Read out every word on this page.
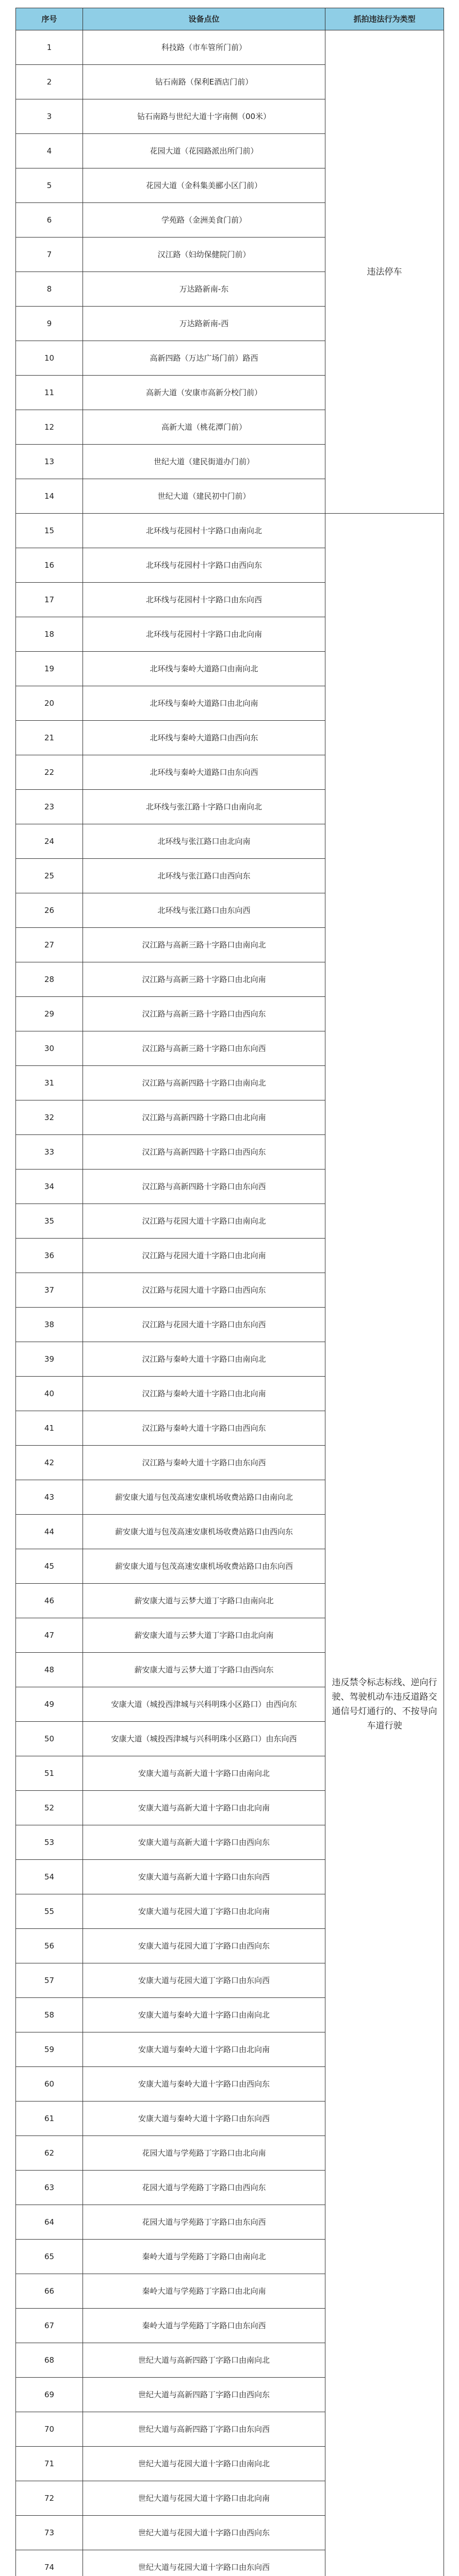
序号	设备点位	抓拍违法行为类型
1	科技路（市车管所门前）	违法停车
2	钻石南路（保利E酒店门前）	
3	钻石南路与世纪大道十字南侧（00米）	
4	花园大道（花园路派出所门前）	
5	花园大道（金科集美郦小区门前）	
6	学苑路（金洲美食门前）	
7	汉江路（妇幼保健院门前）	
8	万达路新南-东	
9	万达路新南-西	
10	高新四路（万达广场门前）路西	
11	高新大道（安康市高新分校门前）	
12	高新大道（桃花潭门前）	
13	世纪大道（建民街道办门前）	
14	世纪大道（建民初中门前）	
15	北环线与花园村十字路口由南向北	违反禁令标志标线、逆向行驶、驾驶机动车违反道路交通信号灯通行的、不按导向车道行驶
16	北环线与花园村十字路口由西向东	
17	北环线与花园村十字路口由东向西	
18	北环线与花园村十字路口由北向南	
19	北环线与秦岭大道路口由南向北	
20	北环线与秦岭大道路口由北向南	
21	北环线与秦岭大道路口由西向东	
22	北环线与秦岭大道路口由东向西	
23	北环线与张江路十字路口由南向北	
24	北环线与张江路口由北向南	
25	北环线与张江路口由西向东	
26	北环线与张江路口由东向西	
27	汉江路与高新三路十字路口由南向北	
28	汉江路与高新三路十字路口由北向南	
29	汉江路与高新三路十字路口由西向东	
30	汉江路与高新三路十字路口由东向西	
31	汉江路与高新四路十字路口由南向北	
32	汉江路与高新四路十字路口由北向南	
33	汉江路与高新四路十字路口由西向东	
34	汉江路与高新四路十字路口由东向西	
35	汉江路与花园大道十字路口由南向北	
36	汉江路与花园大道十字路口由北向南	
37	汉江路与花园大道十字路口由西向东	
38	汉江路与花园大道十字路口由东向西	
39	汉江路与秦岭大道十字路口由南向北	
40	汉江路与秦岭大道十字路口由北向南	
41	汉江路与秦岭大道十字路口由西向东	
42	汉江路与秦岭大道十字路口由东向西	
43	薪安康大道与包茂高速安康机场收费站路口由南向北	
44	薪安康大道与包茂高速安康机场收费站路口由西向东	
45	薪安康大道与包茂高速安康机场收费站路口由东向西	
46	薪安康大道与云梦大道丁字路口由南向北	
47	薪安康大道与云梦大道丁字路口由北向南	
48	薪安康大道与云梦大道丁字路口由西向东	
49	安康大道（城投西津城与兴科明珠小区路口）由西向东	
50	安康大道（城投西津城与兴科明珠小区路口）由东向西	
51	安康大道与高新大道十字路口由南向北	
52	安康大道与高新大道十字路口由北向南	
53	安康大道与高新大道十字路口由西向东	
54	安康大道与高新大道十字路口由东向西	
55	安康大道与花园大道丁字路口由北向南	
56	安康大道与花园大道丁字路口由西向东	
57	安康大道与花园大道丁字路口由东向西	
58	安康大道与秦岭大道十字路口由南向北	
59	安康大道与秦岭大道十字路口由北向南	
60	安康大道与秦岭大道十字路口由西向东	
61	安康大道与秦岭大道十字路口由东向西	
62	花园大道与学苑路丁字路口由北向南	
63	花园大道与学苑路丁字路口由西向东	
64	花园大道与学苑路丁字路口由东向西	
65	秦岭大道与学苑路丁字路口由南向北	
66	秦岭大道与学苑路丁字路口由北向南	
67	秦岭大道与学苑路丁字路口由东向西	
68	世纪大道与高新四路丁字路口由南向北	
69	世纪大道与高新四路丁字路口由西向东	
70	世纪大道与高新四路丁字路口由东向西	
71	世纪大道与花园大道十字路口由南向北	
72	世纪大道与花园大道十字路口由北向南	
73	世纪大道与花园大道十字路口由西向东	
74	世纪大道与花园大道十字路口由东向西	
